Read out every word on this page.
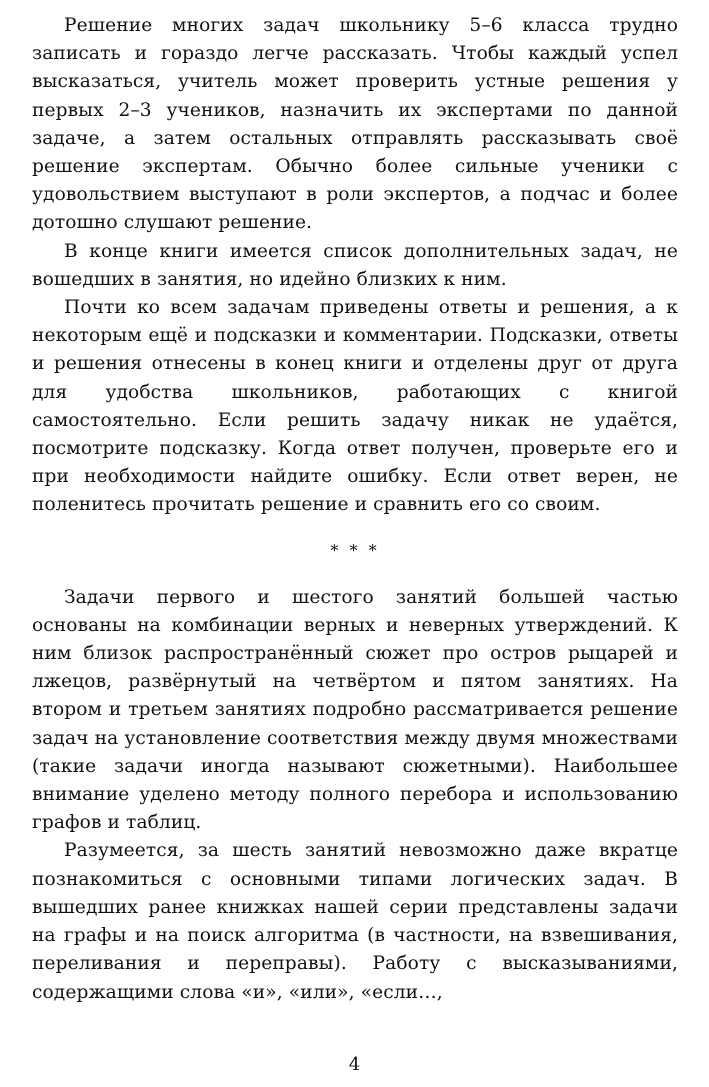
Решение многих задач школьнику 5–6 класса трудно записать и гораздо легче рассказать. Чтобы каждый успел высказаться, учитель может проверить устные решения у первых 2–3 учеников, назначить их экспертами по данной задаче, а затем остальных отправлять рассказывать своё решение экспертам. Обычно более сильные ученики с удовольствием выступают в роли экспертов, а подчас и более дотошно слушают решение.

В конце книги имеется список дополнительных задач, не вошедших в занятия, но идейно близких к ним.

Почти ко всем задачам приведены ответы и решения, а к некоторым ещё и подсказки и комментарии. Подсказки, ответы и решения отнесены в конец книги и отделены друг от друга для удобства школьников, работающих с книгой самостоятельно. Если решить задачу никак не удаётся, посмотрите подсказку. Когда ответ получен, проверьте его и при необходимости найдите ошибку. Если ответ верен, не поленитесь прочитать решение и сравнить его со своим.

* * *

Задачи первого и шестого занятий большей частью основаны на комбинации верных и неверных утверждений. К ним близок распространённый сюжет про остров рыцарей и лжецов, развёрнутый на четвёртом и пятом занятиях. На втором и третьем занятиях подробно рассматривается решение задач на установление соответствия между двумя множествами (такие задачи иногда называют сюжетными). Наибольшее внимание уделено методу полного перебора и использованию графов и таблиц.

Разумеется, за шесть занятий невозможно даже вкратце познакомиться с основными типами логических задач. В вышедших ранее книжках нашей серии представлены задачи на графы и на поиск алгоритма (в частности, на взвешивания, переливания и переправы). Работу с высказываниями, содержащими слова «и», «или», «если…,

4
